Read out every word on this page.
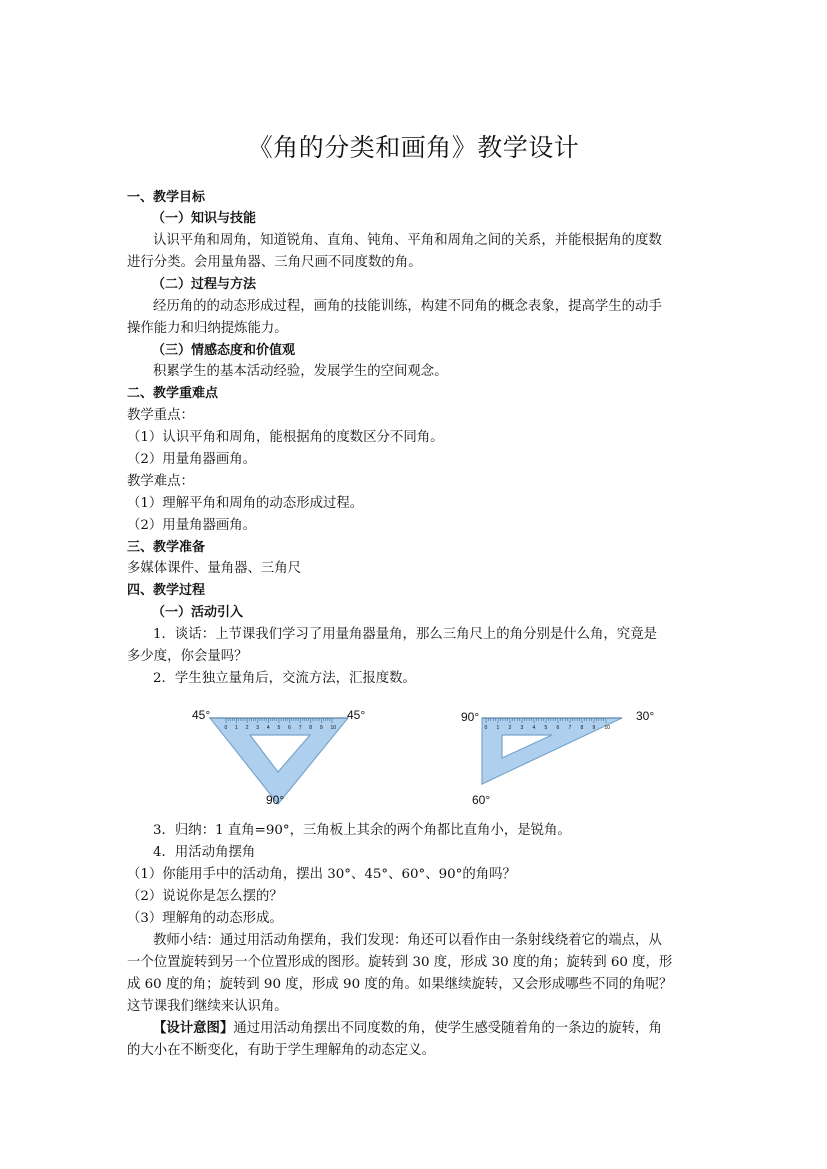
《角的分类和画角》教学设计
一、教学目标
（一）知识与技能
认识平角和周角，知道锐角、直角、钝角、平角和周角之间的关系，并能根据角的度数
进行分类。会用量角器、三角尺画不同度数的角。
（二）过程与方法
经历角的的动态形成过程，画角的技能训练，构建不同角的概念表象，提高学生的动手
操作能力和归纳提炼能力。
（三）情感态度和价值观
积累学生的基本活动经验，发展学生的空间观念。
二、教学重难点
教学重点：
（1）认识平角和周角，能根据角的度数区分不同角。
（2）用量角器画角。
教学难点：
（1）理解平角和周角的动态形成过程。
（2）用量角器画角。
三、教学准备
多媒体课件、量角器、三角尺
四、教学过程
（一）活动引入
1．谈话：上节课我们学习了用量角器量角，那么三角尺上的角分别是什么角，究竟是
多少度，你会量吗？
2．学生独立量角后，交流方法，汇报度数。
0 1 2 3 4 5 6 7 8 9 10
45°	45°
90°
0 1 2 3 4 5 6 7 8 9 10
90°	30°
60°
3．归纳：1 直角=90°，三角板上其余的两个角都比直角小，是锐角。
4．用活动角摆角
（1）你能用手中的活动角，摆出 30°、45°、60°、90°的角吗？
（2）说说你是怎么摆的？
（3）理解角的动态形成。
教师小结：通过用活动角摆角，我们发现：角还可以看作由一条射线绕着它的端点，从
一个位置旋转到另一个位置形成的图形。旋转到 30 度，形成 30 度的角；旋转到 60 度，形
成 60 度的角；旋转到 90 度，形成 90 度的角。如果继续旋转，又会形成哪些不同的角呢？
这节课我们继续来认识角。
【设计意图】通过用活动角摆出不同度数的角，使学生感受随着角的一条边的旋转，角
的大小在不断变化，有助于学生理解角的动态定义。
